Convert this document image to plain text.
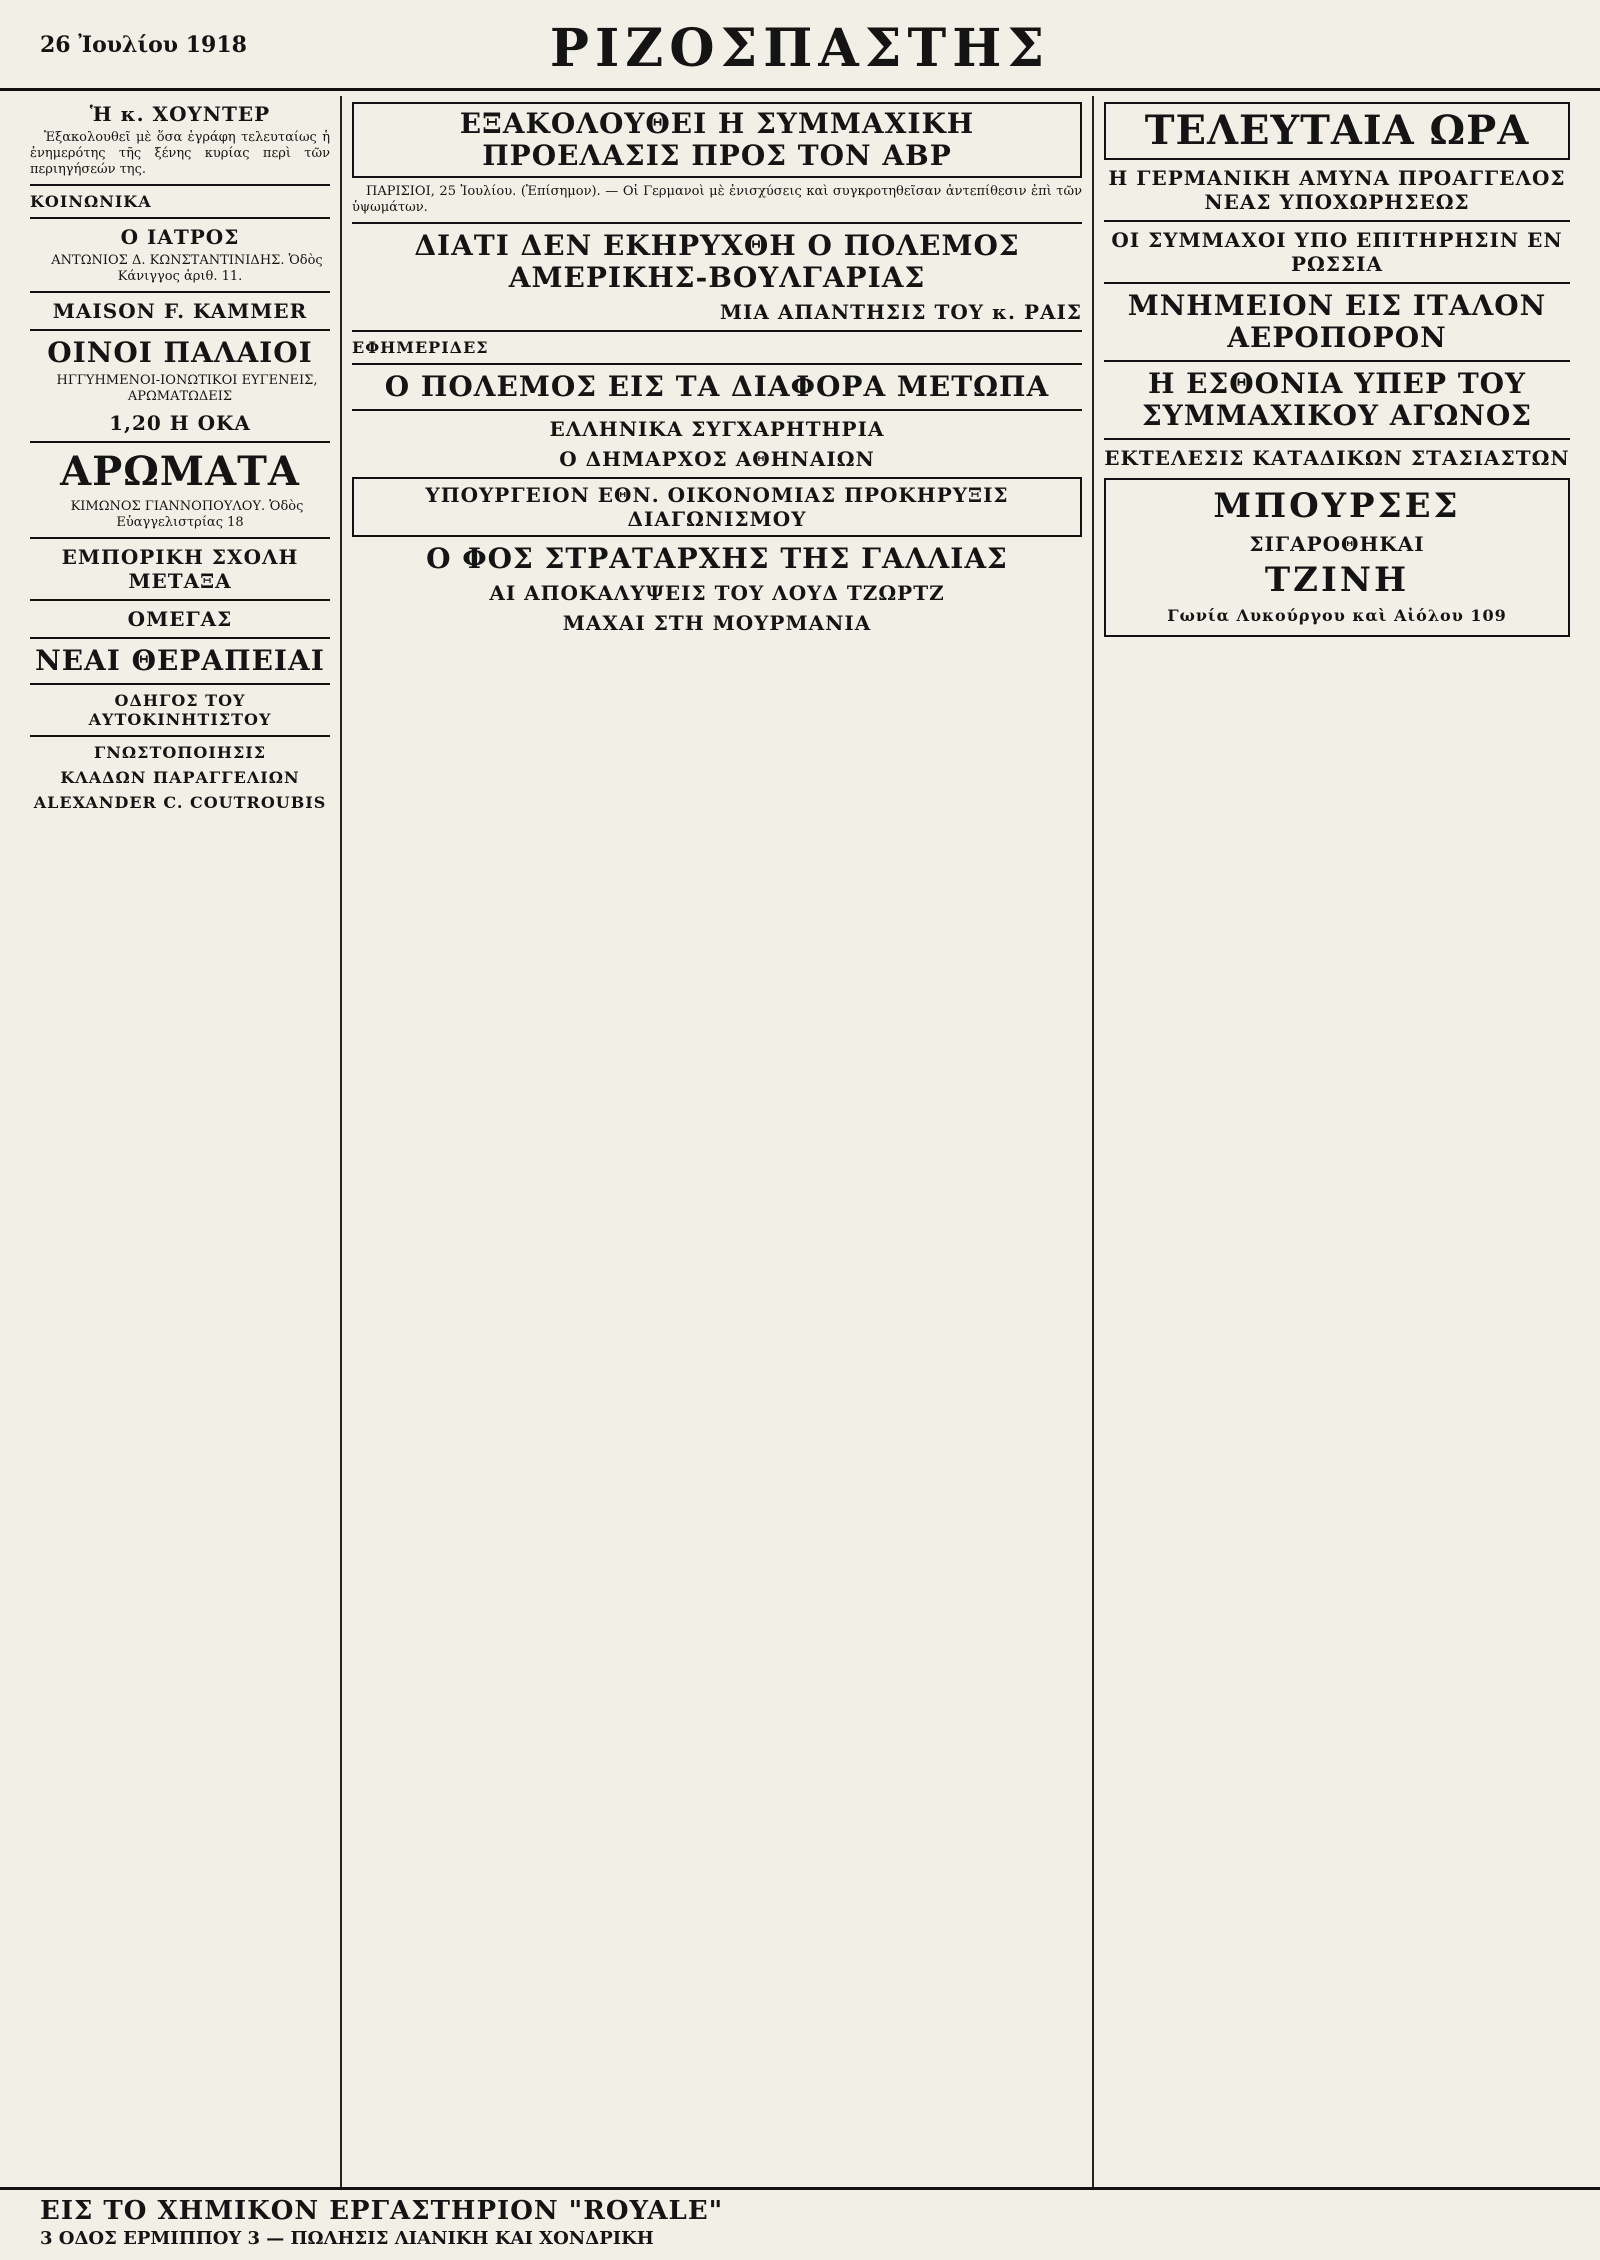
26 Ἰουλίου 1918	ΡΙΖΟΣΠΑΣΤΗΣ
Ἡ κ. ΧΟΥΝΤΕΡ
Ἐξακολουθεῖ μὲ ὅσα ἐγράφη τελευταίως ἡ ἐνημερότης τῆς ξένης κυρίας περὶ τῶν περιηγήσεών της.
ΚΟΙΝΩΝΙΚΑ
Ο ΙΑΤΡΟΣ
ΑΝΤΩΝΙΟΣ Δ. ΚΩΝΣΤΑΝΤΙΝΙΔΗΣ. Ὁδὸς Κάνιγγος ἀριθ. 11.
MAISON F. KAMMER
ΟΙΝΟΙ ΠΑΛΑΙΟΙ
ΗΓΓΥΗΜΕΝΟΙ-ΙΟΝΩΤΙΚΟΙ ΕΥΓΕΝΕΙΣ, ΑΡΩΜΑΤΩΔΕΙΣ
1,20 Η ΟΚΑ
ΑΡΩΜΑΤΑ
ΚΙΜΩΝΟΣ ΓΙΑΝΝΟΠΟΥΛΟΥ. Ὁδὸς Εὐαγγελιστρίας 18
ΕΜΠΟΡΙΚΗ ΣΧΟΛΗ ΜΕΤΑΞΑ
ΟΜΕΓΑΣ
ΝΕΑΙ ΘΕΡΑΠΕΙΑΙ
ΟΔΗΓΟΣ ΤΟΥ ΑΥΤΟΚΙΝΗΤΙΣΤΟΥ
ΓΝΩΣΤΟΠΟΙΗΣΙΣ
ΚΛΑΔΩΝ ΠΑΡΑΓΓΕΛΙΩΝ
ALEXANDER C. COUTROUBIS
ΕΞΑΚΟΛΟΥΘΕΙ Η ΣΥΜΜΑΧΙΚΗ ΠΡΟΕΛΑΣΙΣ ΠΡΟΣ ΤΟΝ ΑΒΡ
ΠΑΡΙΣΙΟΙ, 25 Ἰουλίου. (Ἐπίσημον). — Οἱ Γερμανοὶ μὲ ἐνισχύσεις καὶ συγκροτηθεῖσαν ἀντεπίθεσιν ἐπὶ τῶν ὑψωμάτων.
ΔΙΑΤΙ ΔΕΝ ΕΚΗΡΥΧΘΗ Ο ΠΟΛΕΜΟΣ ΑΜΕΡΙΚΗΣ-ΒΟΥΛΓΑΡΙΑΣ
ΜΙΑ ΑΠΑΝΤΗΣΙΣ ΤΟΥ κ. ΡΑΙΣ
ΕΦΗΜΕΡΙΔΕΣ
Ο ΠΟΛΕΜΟΣ ΕΙΣ ΤΑ ΔΙΑΦΟΡΑ ΜΕΤΩΠΑ
ΕΛΛΗΝΙΚΑ ΣΥΓΧΑΡΗΤΗΡΙΑ
Ο ΔΗΜΑΡΧΟΣ ΑΘΗΝΑΙΩΝ
ΥΠΟΥΡΓΕΙΟΝ ΕΘΝ. ΟΙΚΟΝΟΜΙΑΣ ΠΡΟΚΗΡΥΞΙΣ ΔΙΑΓΩΝΙΣΜΟΥ
Ο ΦΟΣ ΣΤΡΑΤΑΡΧΗΣ ΤΗΣ ΓΑΛΛΙΑΣ
ΑΙ ΑΠΟΚΑΛΥΨΕΙΣ ΤΟΥ ΛΟΥΔ ΤΖΩΡΤΖ
ΜΑΧΑΙ ΣΤΗ ΜΟΥΡΜΑΝΙΑ
ΤΕΛΕΥΤΑΙΑ ΩΡΑ
Η ΓΕΡΜΑΝΙΚΗ ΑΜΥΝΑ ΠΡΟΑΓΓΕΛΟΣ ΝΕΑΣ ΥΠΟΧΩΡΗΣΕΩΣ
ΟΙ ΣΥΜΜΑΧΟΙ ΥΠΟ ΕΠΙΤΗΡΗΣΙΝ ΕΝ ΡΩΣΣΙΑ
ΜΝΗΜΕΙΟΝ ΕΙΣ ΙΤΑΛΟΝ ΑΕΡΟΠΟΡΟΝ
Η ΕΣΘΟΝΙΑ ΥΠΕΡ ΤΟΥ ΣΥΜΜΑΧΙΚΟΥ ΑΓΩΝΟΣ
ΕΚΤΕΛΕΣΙΣ ΚΑΤΑΔΙΚΩΝ ΣΤΑΣΙΑΣΤΩΝ
ΜΠΟΥΡΣΕΣ
ΣΙΓΑΡΟΘΗΚΑΙ
ΤΖΙΝΗ
Γωνία Λυκούργου καὶ Αἰόλου 109
ΕΙΣ ΤΟ ΧΗΜΙΚΟΝ ΕΡΓΑΣΤΗΡΙΟΝ "ROYALE"
3 ΟΔΟΣ ΕΡΜΙΠΠΟΥ 3 — ΠΩΛΗΣΙΣ ΛΙΑΝΙΚΗ ΚΑΙ ΧΟΝΔΡΙΚΗ
